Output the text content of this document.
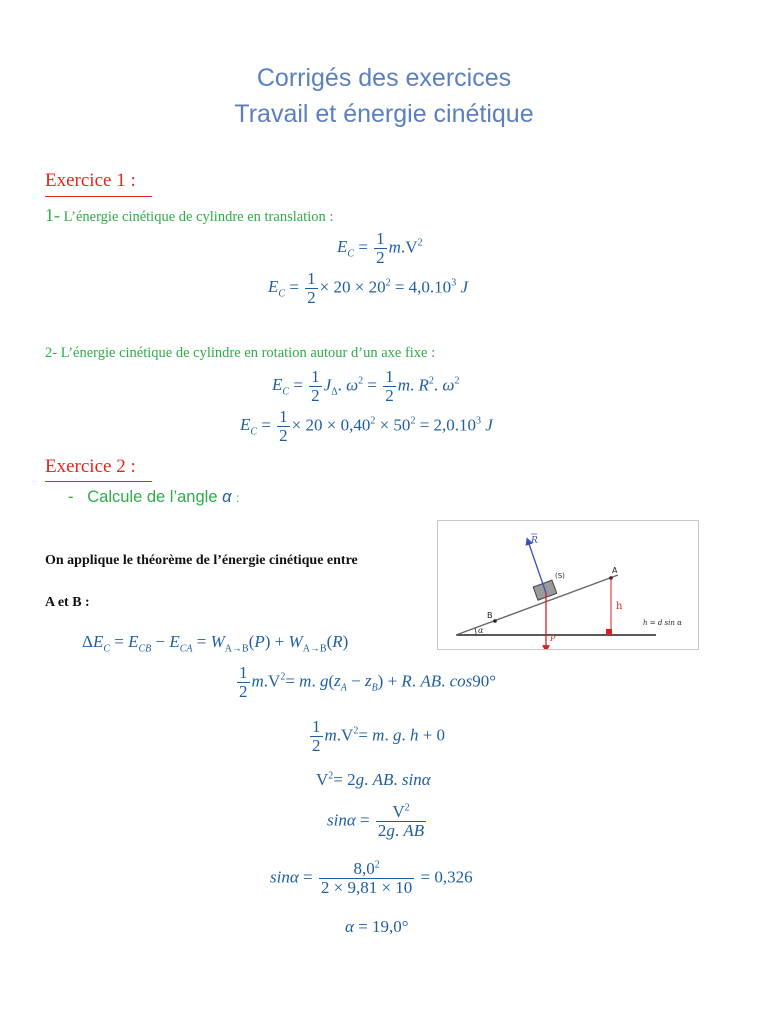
Corrigés des exercices
Travail et énergie cinétique
Exercice 1 :
1- L’énergie cinétique de cylindre en translation :
$E_C = \frac{1}{2} m.V^2$
$E_C = \frac{1}{2} \times 20 \times 20^2 = 4,0.10^3$ J
2- L’énergie cinétique de cylindre en rotation autour d’un axe fixe :
$E_C = \frac{1}{2} J_\Delta$. $\omega^2 = \frac{1}{2} m$. $R^2$. $\omega^2$
$E_C = \frac{1}{2} \times 20 \times 0,40^2 \times 50^2 = 2,0.10^3$ J
Exercice 2 :
-   Calcule de l’angle α :
On applique le théorème de l’énergie cinétique entre
A et B :
α
B
A
h
h = d sin α
(S)
R
P
$\Delta E_C = E_{CB} - E_{CA} = W_{A\to B}(P) + W_{A\to B}(R)$
$\frac{1}{2} m.V^2= m$. $g(z_A - z_B) + R$. AB. cos90°
$\frac{1}{2} m.V^2= m$. g. h + 0
$V^2= 2g$. AB. sinα
$\sin\alpha = \frac{V^2}{2g. AB}$
$\sin\alpha = \frac{8,0^2}{2 \times 9,81 \times 10} = 0,326$
α = 19,0°
